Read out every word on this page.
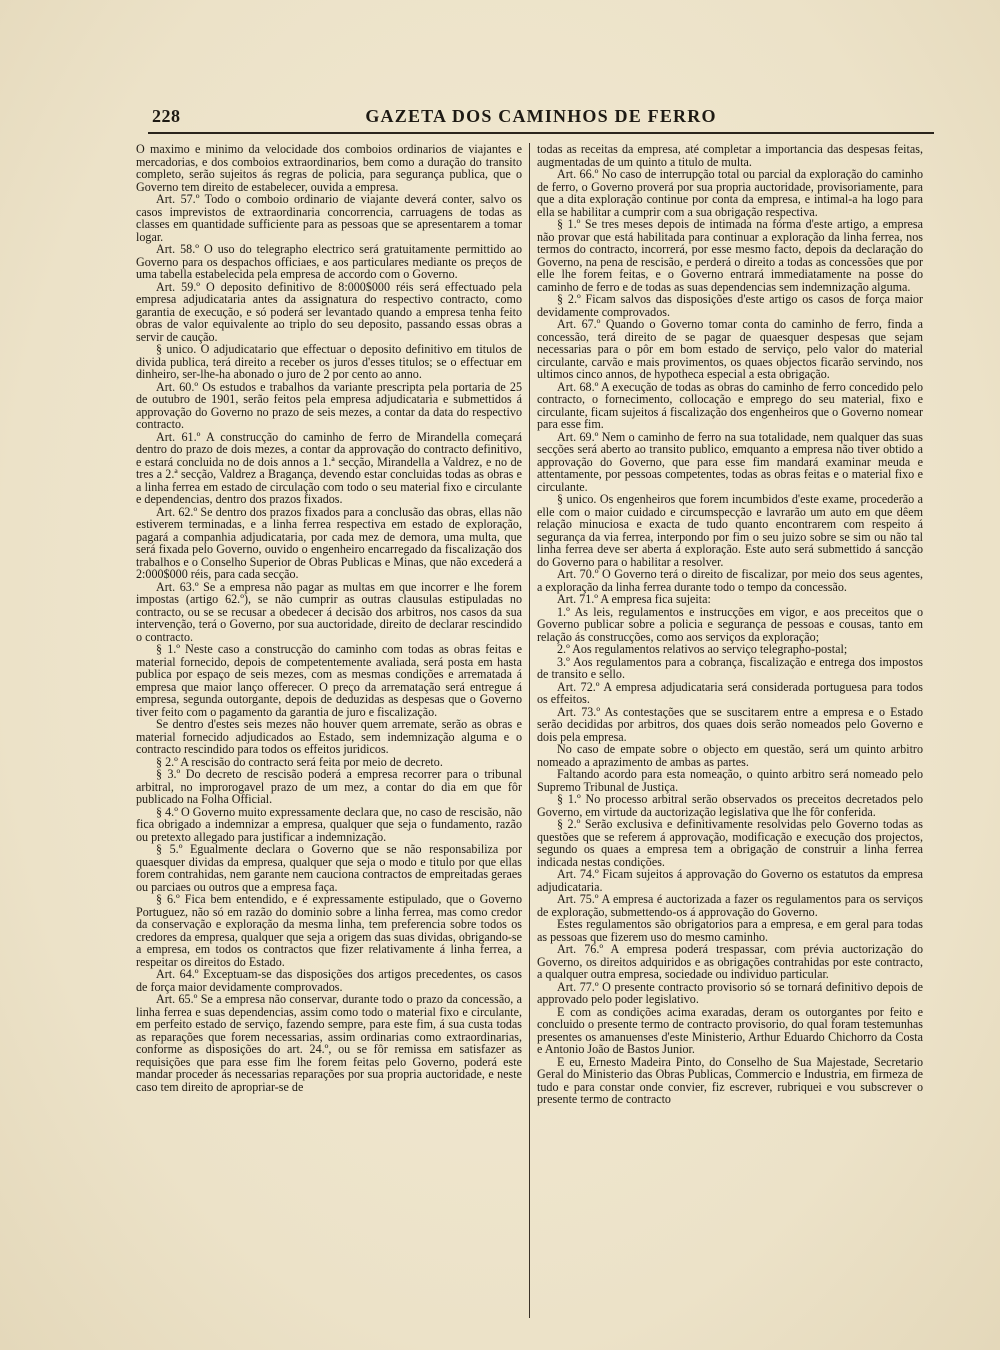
228	GAZETA DOS CAMINHOS DE FERRO

O maximo e minimo da velocidade dos comboios ordinarios de viajantes e mercadorias, e dos comboios extraordinarios, bem como a duração do transito completo, serão sujeitos ás regras de policia, para segurança publica, que o Governo tem direito de estabelecer, ouvida a empresa.

Art. 57.º Todo o comboio ordinario de viajante deverá conter, salvo os casos imprevistos de extraordinaria concorrencia, carruagens de todas as classes em quantidade sufficiente para as pessoas que se apresentarem a tomar logar.

Art. 58.º O uso do telegrapho electrico será gratuitamente permittido ao Governo para os despachos officiaes, e aos particulares mediante os preços de uma tabella estabelecida pela empresa de accordo com o Governo.

Art. 59.º O deposito definitivo de 8:000$000 réis será effectuado pela empresa adjudicataria antes da assignatura do respectivo contracto, como garantia de execução, e só poderá ser levantado quando a empresa tenha feito obras de valor equivalente ao triplo do seu deposito, passando essas obras a servir de caução.

§ unico. O adjudicatario que effectuar o deposito definitivo em titulos de divida publica, terá direito a receber os juros d'esses titulos; se o effectuar em dinheiro, ser-lhe-ha abonado o juro de 2 por cento ao anno.

Art. 60.º Os estudos e trabalhos da variante prescripta pela portaria de 25 de outubro de 1901, serão feitos pela empresa adjudicataria e submettidos á approvação do Governo no prazo de seis mezes, a contar da data do respectivo contracto.

Art. 61.º A construcção do caminho de ferro de Mirandella começará dentro do prazo de dois mezes, a contar da approvação do contracto definitivo, e estará concluida no de dois annos a 1.ª secção, Mirandella a Valdrez, e no de tres a 2.ª secção, Valdrez a Bragança, devendo estar concluidas todas as obras e a linha ferrea em estado de circulação com todo o seu material fixo e circulante e dependencias, dentro dos prazos fixados.

Art. 62.º Se dentro dos prazos fixados para a conclusão das obras, ellas não estiverem terminadas, e a linha ferrea respectiva em estado de exploração, pagará a companhia adjudicataria, por cada mez de demora, uma multa, que será fixada pelo Governo, ouvido o engenheiro encarregado da fiscalização dos trabalhos e o Conselho Superior de Obras Publicas e Minas, que não excederá a 2:000$000 réis, para cada secção.

Art. 63.º Se a empresa não pagar as multas em que incorrer e lhe forem impostas (artigo 62.º), se não cumprir as outras clausulas estipuladas no contracto, ou se se recusar a obedecer á decisão dos arbitros, nos casos da sua intervenção, terá o Governo, por sua auctoridade, direito de declarar rescindido o contracto.

§ 1.º Neste caso a construcção do caminho com todas as obras feitas e material fornecido, depois de competentemente avaliada, será posta em hasta publica por espaço de seis mezes, com as mesmas condições e arrematada á empresa que maior lanço offerecer. O preço da arrematação será entregue á empresa, segunda outorgante, depois de deduzidas as despesas que o Governo tiver feito com o pagamento da garantia de juro e fiscalização.

Se dentro d'estes seis mezes não houver quem arremate, serão as obras e material fornecido adjudicados ao Estado, sem indemnização alguma e o contracto rescindido para todos os effeitos juridicos.

§ 2.º A rescisão do contracto será feita por meio de decreto.

§ 3.º Do decreto de rescisão poderá a empresa recorrer para o tribunal arbitral, no improrogavel prazo de um mez, a contar do dia em que fôr publicado na Folha Official.

§ 4.º O Governo muito expressamente declara que, no caso de rescisão, não fica obrigado a indemnizar a empresa, qualquer que seja o fundamento, razão ou pretexto allegado para justificar a indemnização.

§ 5.º Egualmente declara o Governo que se não responsabiliza por quaesquer dividas da empresa, qualquer que seja o modo e titulo por que ellas forem contrahidas, nem garante nem cauciona contractos de empreitadas geraes ou parciaes ou outros que a empresa faça.

§ 6.º Fica bem entendido, e é expressamente estipulado, que o Governo Portuguez, não só em razão do dominio sobre a linha ferrea, mas como credor da conservação e exploração da mesma linha, tem preferencia sobre todos os credores da empresa, qualquer que seja a origem das suas dividas, obrigando-se a empresa, em todos os contractos que fizer relativamente á linha ferrea, a respeitar os direitos do Estado.

Art. 64.º Exceptuam-se das disposições dos artigos precedentes, os casos de força maior devidamente comprovados.

Art. 65.º Se a empresa não conservar, durante todo o prazo da concessão, a linha ferrea e suas dependencias, assim como todo o material fixo e circulante, em perfeito estado de serviço, fazendo sempre, para este fim, á sua custa todas as reparações que forem necessarias, assim ordinarias como extraordinarias, conforme as disposições do art. 24.º, ou se fôr remissa em satisfazer as requisições que para esse fim lhe forem feitas pelo Governo, poderá este mandar proceder ás necessarias reparações por sua propria auctoridade, e neste caso tem direito de apropriar-se de

todas as receitas da empresa, até completar a importancia das despesas feitas, augmentadas de um quinto a titulo de multa.

Art. 66.º No caso de interrupção total ou parcial da exploração do caminho de ferro, o Governo proverá por sua propria auctoridade, provisoriamente, para que a dita exploração continue por conta da empresa, e intimal-a ha logo para ella se habilitar a cumprir com a sua obrigação respectiva.

§ 1.º Se tres meses depois de intimada na fórma d'este artigo, a empresa não provar que está habilitada para continuar a exploração da linha ferrea, nos termos do contracto, incorrerá, por esse mesmo facto, depois da declaração do Governo, na pena de rescisão, e perderá o direito a todas as concessões que por elle lhe forem feitas, e o Governo entrará immediatamente na posse do caminho de ferro e de todas as suas dependencias sem indemnização alguma.

§ 2.º Ficam salvos das disposições d'este artigo os casos de força maior devidamente comprovados.

Art. 67.º Quando o Governo tomar conta do caminho de ferro, finda a concessão, terá direito de se pagar de quaesquer despesas que sejam necessarias para o pôr em bom estado de serviço, pelo valor do material circulante, carvão e mais provimentos, os quaes objectos ficarão servindo, nos ultimos cinco annos, de hypotheca especial a esta obrigação.

Art. 68.º A execução de todas as obras do caminho de ferro concedido pelo contracto, o fornecimento, collocação e emprego do seu material, fixo e circulante, ficam sujeitos á fiscalização dos engenheiros que o Governo nomear para esse fim.

Art. 69.º Nem o caminho de ferro na sua totalidade, nem qualquer das suas secções será aberto ao transito publico, emquanto a empresa não tiver obtido a approvação do Governo, que para esse fim mandará examinar meuda e attentamente, por pessoas competentes, todas as obras feitas e o material fixo e circulante.

§ unico. Os engenheiros que forem incumbidos d'este exame, procederão a elle com o maior cuidado e circumspecção e lavrarão um auto em que dêem relação minuciosa e exacta de tudo quanto encontrarem com respeito á segurança da via ferrea, interpondo por fim o seu juizo sobre se sim ou não tal linha ferrea deve ser aberta á exploração. Este auto será submettido á sancção do Governo para o habilitar a resolver.

Art. 70.º O Governo terá o direito de fiscalizar, por meio dos seus agentes, a exploração da linha ferrea durante todo o tempo da concessão.

Art. 71.º A empresa fica sujeita:

1.º As leis, regulamentos e instrucções em vigor, e aos preceitos que o Governo publicar sobre a policia e segurança de pessoas e cousas, tanto em relação ás construcções, como aos serviços da exploração;

2.º Aos regulamentos relativos ao serviço telegrapho-postal;

3.º Aos regulamentos para a cobrança, fiscalização e entrega dos impostos de transito e sello.

Art. 72.º A empresa adjudicataria será considerada portuguesa para todos os effeitos.

Art. 73.º As contestações que se suscitarem entre a empresa e o Estado serão decididas por arbitros, dos quaes dois serão nomeados pelo Governo e dois pela empresa.

No caso de empate sobre o objecto em questão, será um quinto arbitro nomeado a aprazimento de ambas as partes.

Faltando acordo para esta nomeação, o quinto arbitro será nomeado pelo Supremo Tribunal de Justiça.

§ 1.º No processo arbitral serão observados os preceitos decretados pelo Governo, em virtude da auctorização legislativa que lhe fôr conferida.

§ 2.º Serão exclusiva e definitivamente resolvidas pelo Governo todas as questões que se referem á approvação, modificação e execução dos projectos, segundo os quaes a empresa tem a obrigação de construir a linha ferrea indicada nestas condições.

Art. 74.º Ficam sujeitos á approvação do Governo os estatutos da empresa adjudicataria.

Art. 75.º A empresa é auctorizada a fazer os regulamentos para os serviços de exploração, submettendo-os á approvação do Governo.

Estes regulamentos são obrigatorios para a empresa, e em geral para todas as pessoas que fizerem uso do mesmo caminho.

Art. 76.º A empresa poderá trespassar, com prévia auctorização do Governo, os direitos adquiridos e as obrigações contrahidas por este contracto, a qualquer outra empresa, sociedade ou individuo particular.

Art. 77.º O presente contracto provisorio só se tornará definitivo depois de approvado pelo poder legislativo.

E com as condições acima exaradas, deram os outorgantes por feito e concluido o presente termo de contracto provisorio, do qual foram testemunhas presentes os amanuenses d'este Ministerio, Arthur Eduardo Chichorro da Costa e Antonio João de Bastos Junior.

E eu, Ernesto Madeira Pinto, do Conselho de Sua Majestade, Secretario Geral do Ministerio das Obras Publicas, Commercio e Industria, em firmeza de tudo e para constar onde convier, fiz escrever, rubriquei e vou subscrever o presente termo de contracto
